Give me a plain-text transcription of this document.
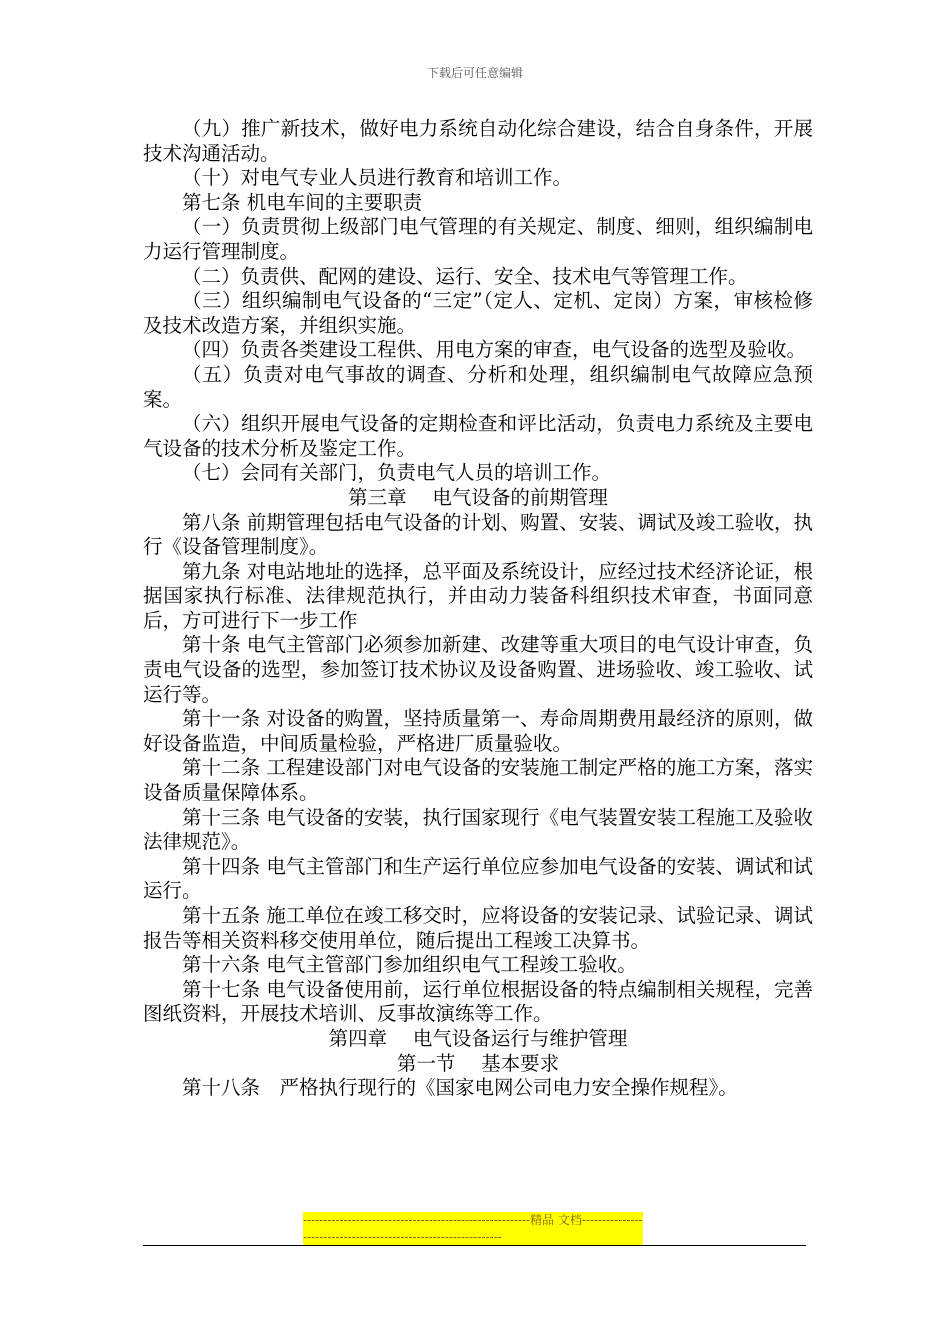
下载后可任意编辑

（九）推广新技术，做好电力系统自动化综合建设，结合自身条件，开展技术沟通活动。

（十）对电气专业人员进行教育和培训工作。

第七条 机电车间的主要职责

（一）负责贯彻上级部门电气管理的有关规定、制度、细则，组织编制电力运行管理制度。

（二）负责供、配网的建设、运行、安全、技术电气等管理工作。

（三）组织编制电气设备的“三定”（定人、定机、定岗）方案，审核检修及技术改造方案，并组织实施。

（四）负责各类建设工程供、用电方案的审查，电气设备的选型及验收。

（五）负责对电气事故的调查、分析和处理，组织编制电气故障应急预案。

（六）组织开展电气设备的定期检查和评比活动，负责电力系统及主要电气设备的技术分析及鉴定工作。

（七）会同有关部门，负责电气人员的培训工作。

第三章　 电气设备的前期管理

第八条 前期管理包括电气设备的计划、购置、安装、调试及竣工验收，执行《设备管理制度》。

第九条 对电站地址的选择，总平面及系统设计，应经过技术经济论证，根据国家执行标准、法律规范执行，并由动力装备科组织技术审查，书面同意后，方可进行下一步工作

第十条 电气主管部门必须参加新建、改建等重大项目的电气设计审查，负责电气设备的选型，参加签订技术协议及设备购置、进场验收、竣工验收、试运行等。

第十一条 对设备的购置，坚持质量第一、寿命周期费用最经济的原则，做好设备监造，中间质量检验，严格进厂质量验收。

第十二条 工程建设部门对电气设备的安装施工制定严格的施工方案，落实设备质量保障体系。

第十三条 电气设备的安装，执行国家现行《电气装置安装工程施工及验收法律规范》。

第十四条 电气主管部门和生产运行单位应参加电气设备的安装、调试和试运行。

第十五条 施工单位在竣工移交时，应将设备的安装记录、试验记录、调试报告等相关资料移交使用单位，随后提出工程竣工决算书。

第十六条 电气主管部门参加组织电气工程竣工验收。

第十七条 电气设备使用前，运行单位根据设备的特点编制相关规程，完善图纸资料，开展技术培训、反事故演练等工作。

第四章　 电气设备运行与维护管理

第一节　 基本要求

第十八条　严格执行现行的《国家电网公司电力安全操作规程》。

--------------------------------------------------------精品 文档----------------------------------------------------------------
